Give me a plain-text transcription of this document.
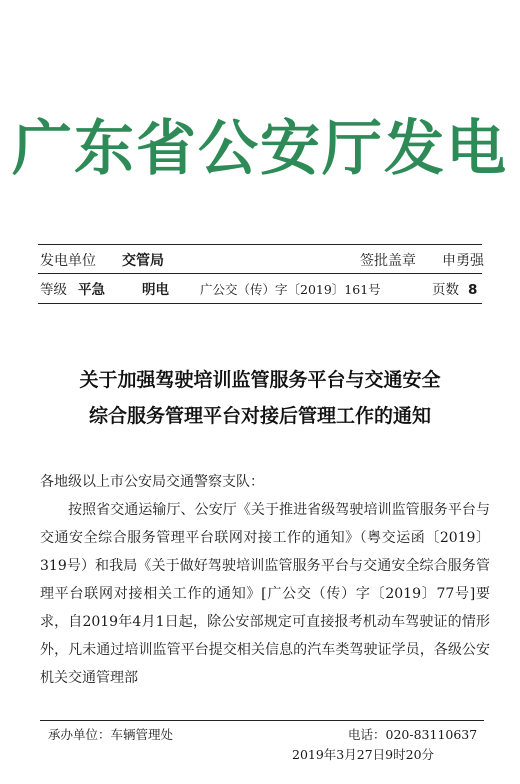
广东省公安厅发电
发电单位 交管局	签批盖章 申勇强
等级 平急	明电 广公交（传）字〔2019〕161号	页数 8
关于加强驾驶培训监管服务平台与交通安全
综合服务管理平台对接后管理工作的通知
各地级以上市公安局交通警察支队：
按照省交通运输厅、公安厅《关于推进省级驾驶培训监管服务平台与交通安全综合服务管理平台联网对接工作的通知》（粤交运函〔2019〕319号）和我局《关于做好驾驶培训监管服务平台与交通安全综合服务管理平台联网对接相关工作的通知》[广公交（传）字〔2019〕77号]要求，自2019年4月1日起，除公安部规定可直接报考机动车驾驶证的情形外，凡未通过培训监管平台提交相关信息的汽车类驾驶证学员，各级公安机关交通管理部
承办单位：车辆管理处	电话：020-83110637
2019年3月27日9时20分
